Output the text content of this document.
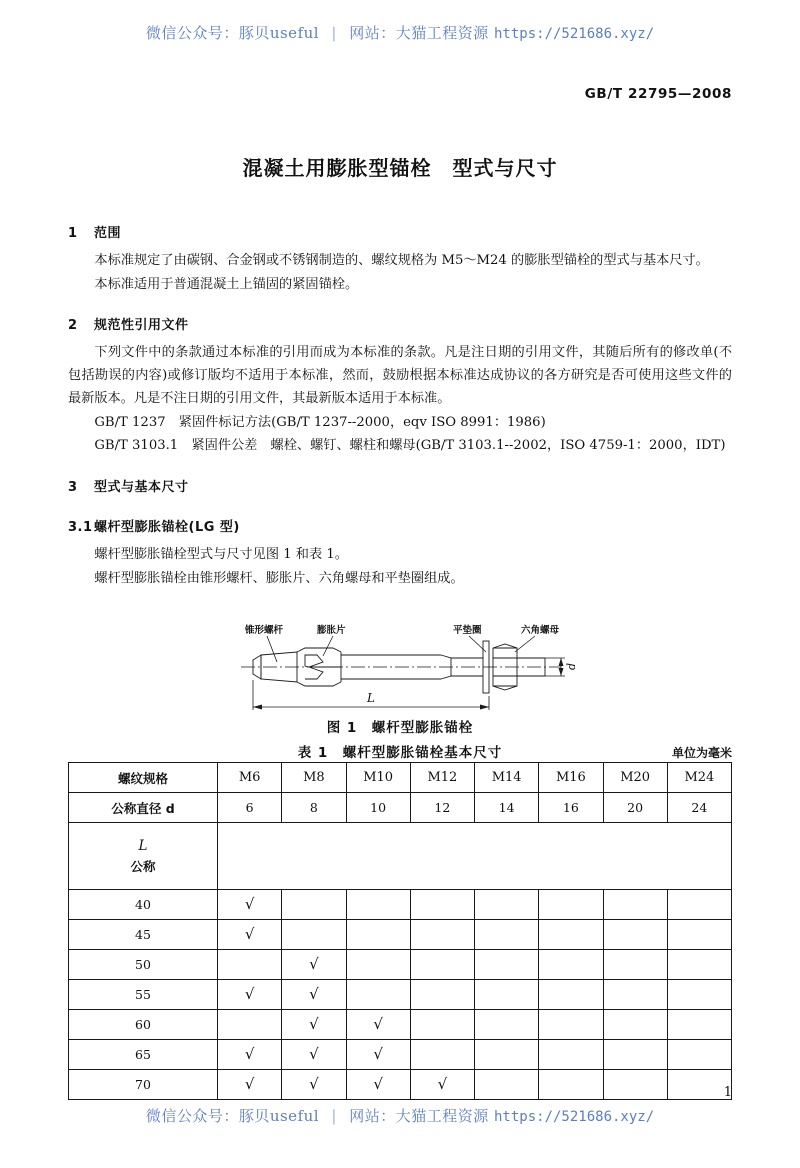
微信公众号：豚贝useful | 网站：大猫工程资源 https://521686.xyz/
GB/T 22795—2008
混凝土用膨胀型锚栓　型式与尺寸
1 范围

本标准规定了由碳钢、合金钢或不锈钢制造的、螺纹规格为 M5～M24 的膨胀型锚栓的型式与基本尺寸。

本标准适用于普通混凝土上锚固的紧固锚栓。

2 规范性引用文件

下列文件中的条款通过本标准的引用而成为本标准的条款。凡是注日期的引用文件，其随后所有的修改单(不包括勘误的内容)或修订版均不适用于本标准，然而，鼓励根据本标准达成协议的各方研究是否可使用这些文件的最新版本。凡是不注日期的引用文件，其最新版本适用于本标准。

GB/T 1237　紧固件标记方法(GB/T 1237--2000，eqv ISO 8991：1986)

GB/T 3103.1　紧固件公差　螺栓、螺钉、螺柱和螺母(GB/T 3103.1--2002，ISO 4759-1：2000，IDT)

3 型式与基本尺寸
3.1螺杆型膨胀锚栓(LG 型)

螺杆型膨胀锚栓型式与尺寸见图 1 和表 1。

螺杆型膨胀锚栓由锥形螺杆、膨胀片、六角螺母和平垫圈组成。

锥形螺杆	膨胀片	平垫圈	六角螺母
L
d
图 1　螺杆型膨胀锚栓
表 1　螺杆型膨胀锚栓基本尺寸	单位为毫米
螺纹规格	M6	M8	M10	M12	M14	M16	M20	M24
公称直径 d	6	8	10	12	14	16	20	24

L
公称								

40	√							
45	√							
50		√						
55	√	√						
60		√	√					
65	√	√	√					
70	√	√	√	√					1
微信公众号：豚贝useful | 网站：大猫工程资源 https://521686.xyz/
